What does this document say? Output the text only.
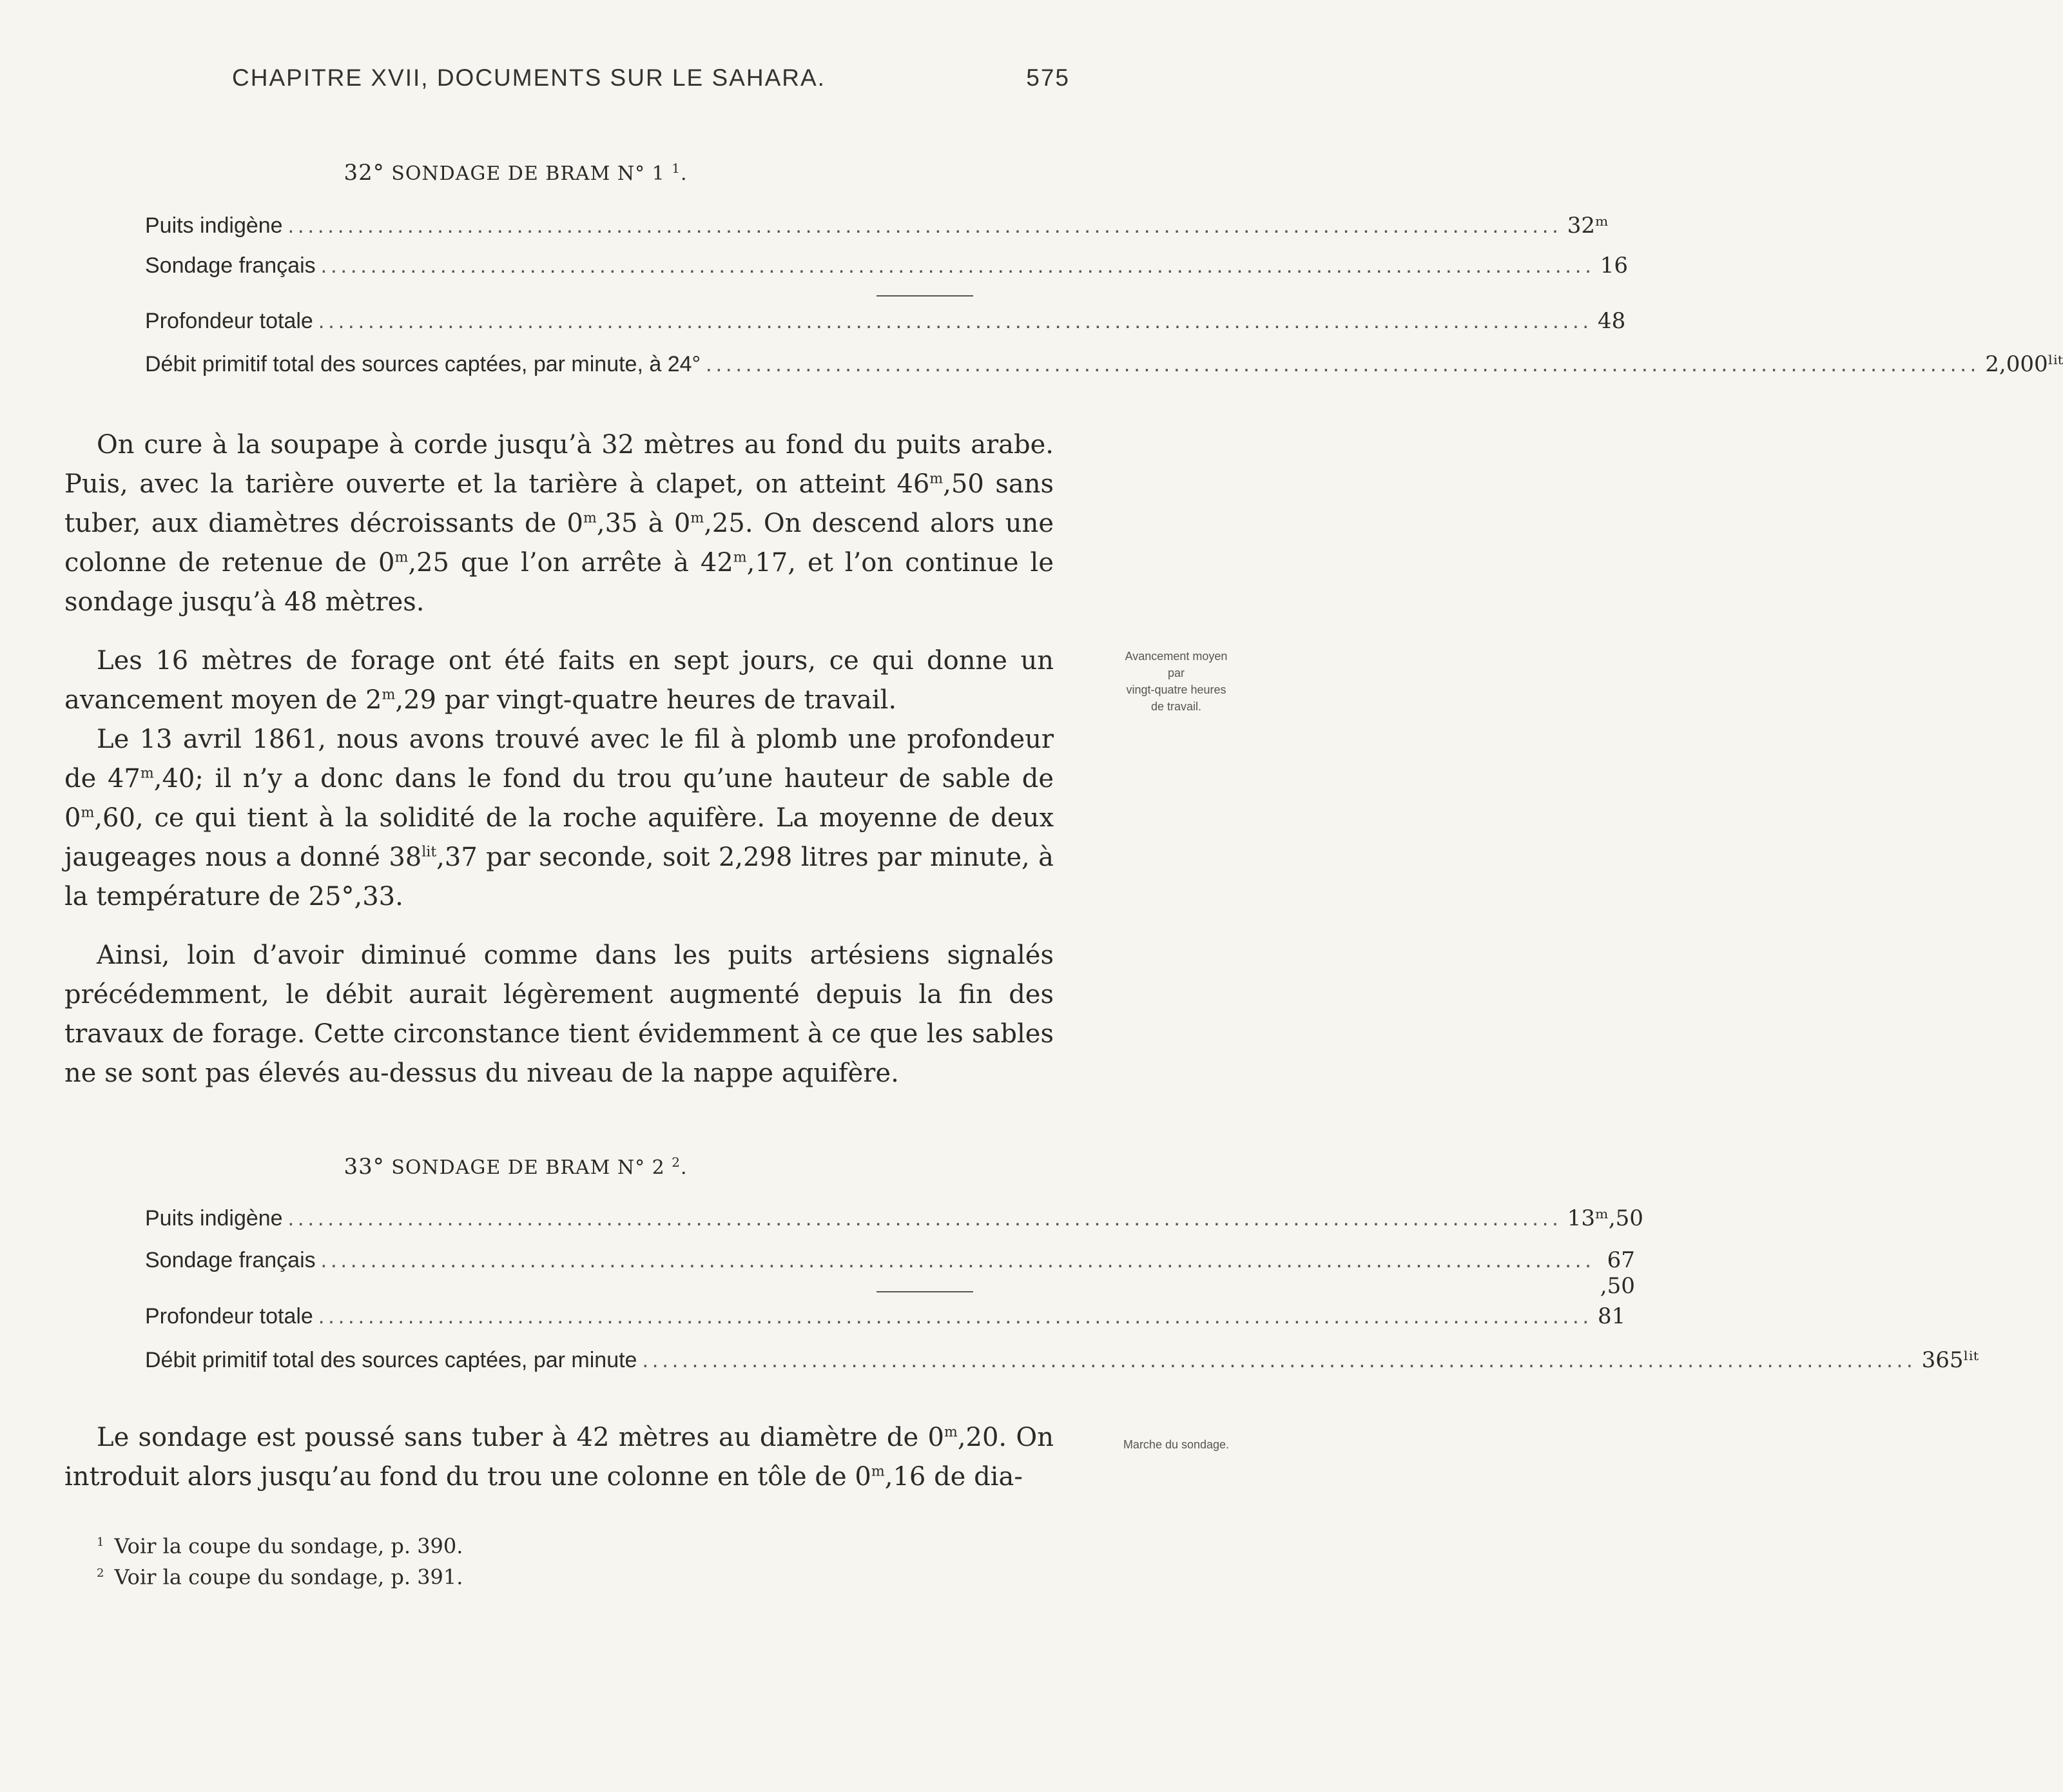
CHAPITRE XVII, DOCUMENTS SUR LE SAHARA.	575
32° SONDAGE DE BRAM N° 1 $^1$.
Puits indigène ................................................................................................................................ 32ᵐ
Sondage français ................................................................................................................................ 16
Profondeur totale ................................................................................................................................ 48
Débit primitif total des sources captées, par minute, à 24° ................................................................................................................................ 2,000ˡⁱᵗ

On cure à la soupape à corde jusqu’à 32 mètres au fond du puits arabe. Puis, avec la tarière ouverte et la tarière à clapet, on atteint 46$^m$,50 sans tuber, aux diamètres décroissants de 0$^m$,35 à 0$^m$,25. On descend alors une colonne de retenue de 0$^m$,25 que l’on arrête à 42$^m$,17, et l’on continue le sondage jusqu’à 48 mètres.

Les 16 mètres de forage ont été faits en sept jours, ce qui donne un avancement moyen de 2$^m$,29 par vingt-quatre heures de travail.

Le 13 avril 1861, nous avons trouvé avec le fil à plomb une profondeur de 47$^m$,40; il n’y a donc dans le fond du trou qu’une hauteur de sable de 0$^m$,60, ce qui tient à la solidité de la roche aquifère. La moyenne de deux jaugeages nous a donné $38^{lit},37$ par seconde, soit 2,298 litres par minute, à la température de 25°,33.

Ainsi, loin d’avoir diminué comme dans les puits artésiens signalés précédemment, le débit aurait légèrement augmenté depuis la fin des travaux de forage. Cette circonstance tient évidemment à ce que les sables ne se sont pas élevés au-dessus du niveau de la nappe aquifère.

Avancement moyen
par
vingt-quatre heures
de travail.
33° SONDAGE DE BRAM N° 2 $^2$.
Puits indigène ................................................................................................................................ 13ᵐ,50
Sondage français ................................................................................................................................ 67 ,50
Profondeur totale ................................................................................................................................ 81
Débit primitif total des sources captées, par minute ................................................................................................................................ 365ˡⁱᵗ

Le sondage est poussé sans tuber à 42 mètres au diamètre de 0$^m$,20. On introduit alors jusqu’au fond du trou une colonne en tôle de 0$^m$,16 de dia-

Marche du sondage.
$^1$ Voir la coupe du sondage, p. 390.
$^2$ Voir la coupe du sondage, p. 391.
